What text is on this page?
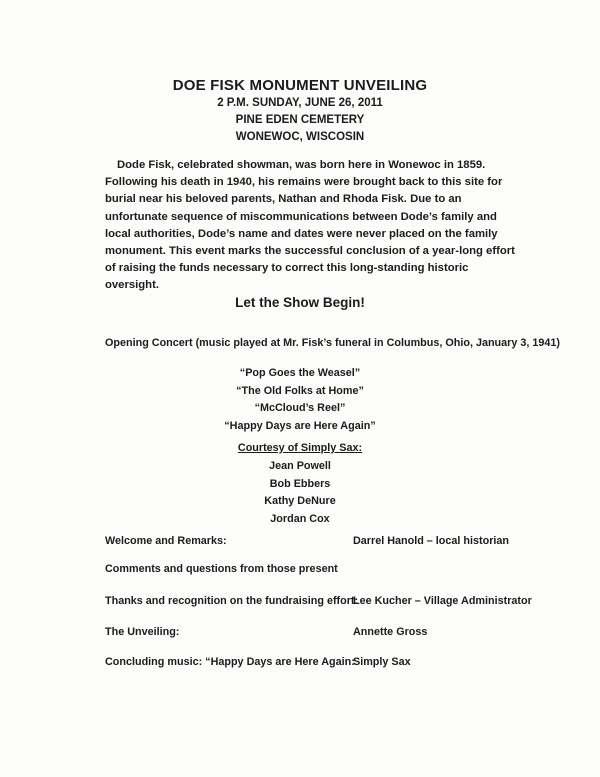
DOE FISK MONUMENT UNVEILING
2 P.M. SUNDAY, JUNE 26, 2011
PINE EDEN CEMETERY
WONEWOC, WISCOSIN

Dode Fisk, celebrated showman, was born here in Wonewoc in 1859. Following his death in 1940, his remains were brought back to this site for burial near his beloved parents, Nathan and Rhoda Fisk. Due to an unfortunate sequence of miscommunications between Dode’s family and local authorities, Dode’s name and dates were never placed on the family monument. This event marks the successful conclusion of a year-long effort of raising the funds necessary to correct this long-standing historic oversight.

Let the Show Begin!
Opening Concert (music played at Mr. Fisk’s funeral in Columbus, Ohio, January 3, 1941)
“Pop Goes the Weasel”
“The Old Folks at Home”
“McCloud’s Reel”
“Happy Days are Here Again”
Courtesy of Simply Sax:
Jean Powell
Bob Ebbers
Kathy DeNure
Jordan Cox
Welcome and Remarks:	Darrel Hanold – local historian
Comments and questions from those present
Thanks and recognition on the fundraising effort:
Lee Kucher – Village Administrator
The Unveiling:	Annette Gross
Concluding music: “Happy Days are Here Again:
Simply Sax
